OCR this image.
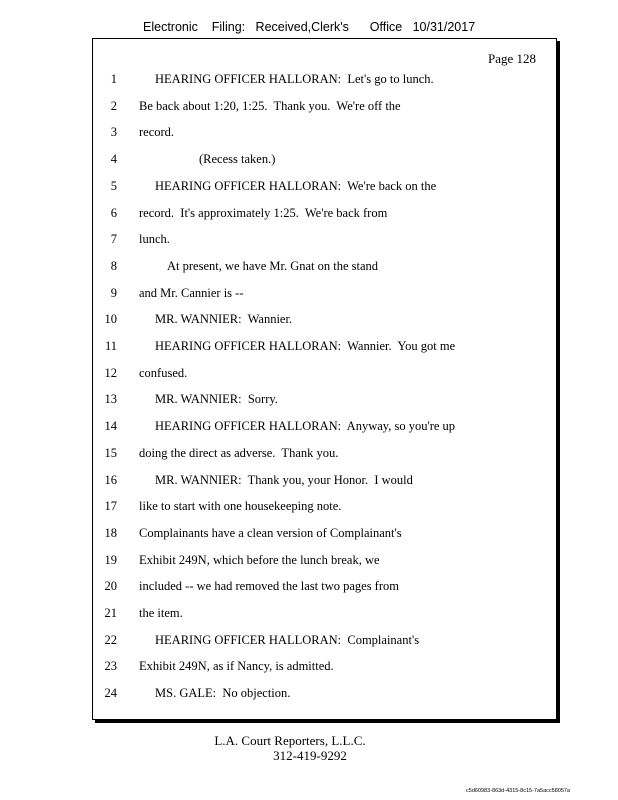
Electronic    Filing:   Received,Clerk's      Office   10/31/2017
Page 128
1	HEARING OFFICER HALLORAN:  Let's go to lunch.
2 Be back about 1:20, 1:25.  Thank you.  We're off the
3 record.
4	(Recess taken.)
5	HEARING OFFICER HALLORAN:  We're back on the
6 record.  It's approximately 1:25.  We're back from
7 lunch.
8	At present, we have Mr. Gnat on the stand
9 and Mr. Cannier is --
10	MR. WANNIER:  Wannier.
11	HEARING OFFICER HALLORAN:  Wannier.  You got me
12 confused.
13	MR. WANNIER:  Sorry.
14	HEARING OFFICER HALLORAN:  Anyway, so you're up
15 doing the direct as adverse.  Thank you.
16	MR. WANNIER:  Thank you, your Honor.  I would
17 like to start with one housekeeping note.
18 Complainants have a clean version of Complainant's
19 Exhibit 249N, which before the lunch break, we
20 included -- we had removed the last two pages from
21 the item.
22	HEARING OFFICER HALLORAN:  Complainant's
23 Exhibit 249N, as if Nancy, is admitted.
24	MS. GALE:  No objection.
L.A. Court Reporters, L.L.C.
312-419-9292
c5d60983-863d-4315-8c15-7a5acc58057a
